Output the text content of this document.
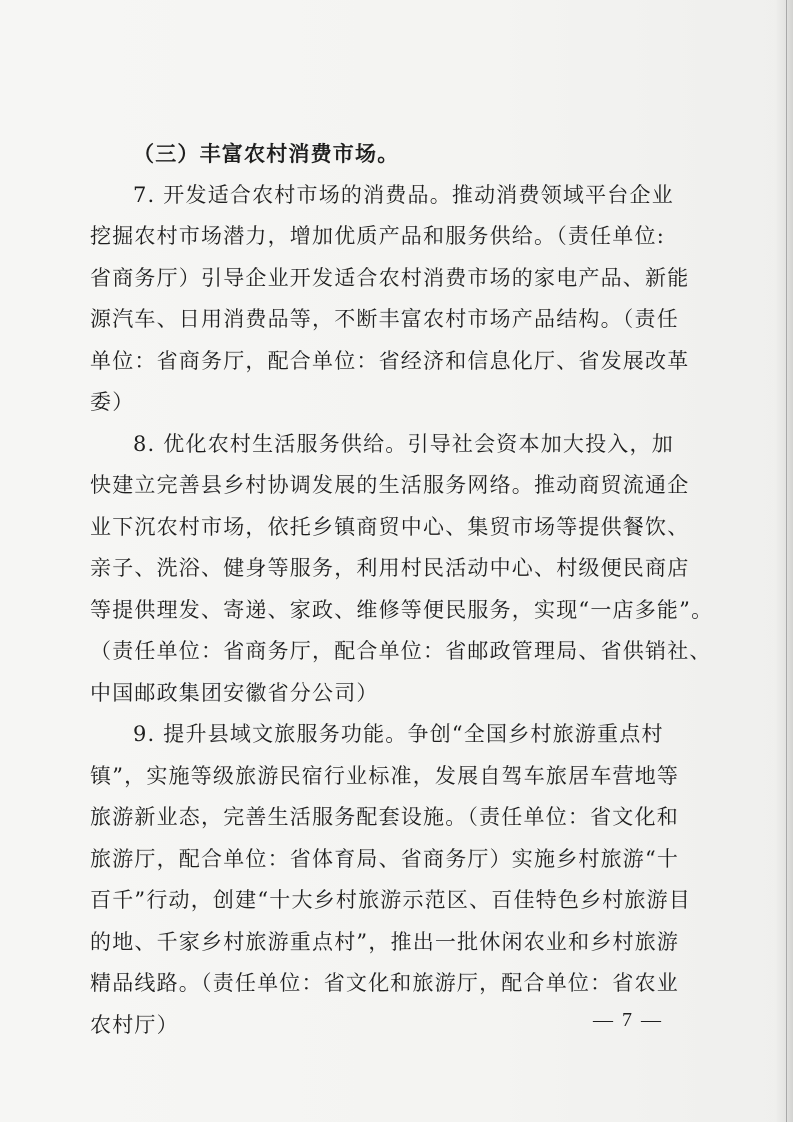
（三）丰富农村消费市场。
7. 开发适合农村市场的消费品。推动消费领域平台企业
挖掘农村市场潜力，增加优质产品和服务供给。（责任单位:
省商务厅）引导企业开发适合农村消费市场的家电产品、新能
源汽车、日用消费品等，不断丰富农村市场产品结构。（责任
单位：省商务厅，配合单位：省经济和信息化厅、省发展改革
委）
8. 优化农村生活服务供给。引导社会资本加大投入，加
快建立完善县乡村协调发展的生活服务网络。推动商贸流通企
业下沉农村市场，依托乡镇商贸中心、集贸市场等提供餐饮、
亲子、洗浴、健身等服务，利用村民活动中心、村级便民商店
等提供理发、寄递、家政、维修等便民服务，实现“一店多能”。
（责任单位：省商务厅，配合单位：省邮政管理局、省供销社、
中国邮政集团安徽省分公司）
9. 提升县域文旅服务功能。争创“全国乡村旅游重点村
镇”，实施等级旅游民宿行业标准，发展自驾车旅居车营地等
旅游新业态，完善生活服务配套设施。（责任单位：省文化和
旅游厅，配合单位：省体育局、省商务厅）实施乡村旅游“十
百千”行动，创建“十大乡村旅游示范区、百佳特色乡村旅游目
的地、千家乡村旅游重点村”，推出一批休闲农业和乡村旅游
精品线路。（责任单位：省文化和旅游厅，配合单位：省农业
农村厅）	— 7 —
